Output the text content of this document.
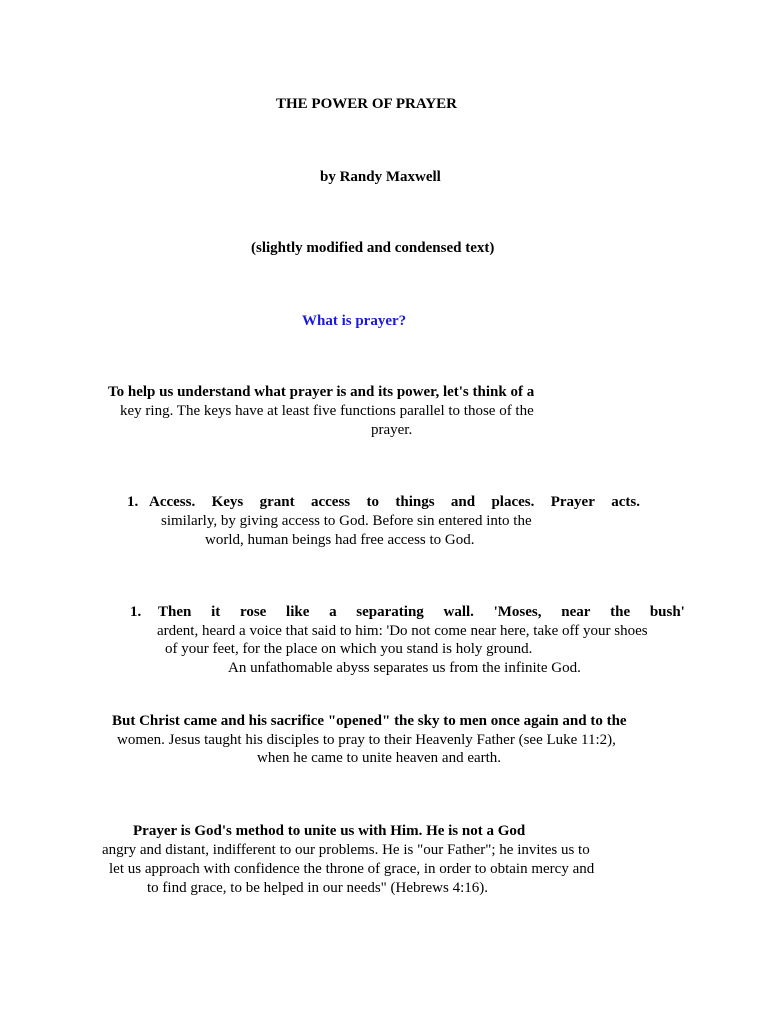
THE POWER OF PRAYER
by Randy Maxwell
(slightly modified and condensed text)
What is prayer?
To help us understand what prayer is and its power, let's think of a
key ring. The keys have at least five functions parallel to those of the
prayer.
1. Access. Keys grant access to things and places. Prayer acts.
similarly, by giving access to God. Before sin entered into the
world, human beings had free access to God.
1. Then it rose like a separating wall. 'Moses, near the bush'
ardent, heard a voice that said to him: 'Do not come near here, take off your shoes
of your feet, for the place on which you stand is holy ground.
An unfathomable abyss separates us from the infinite God.
But Christ came and his sacrifice "opened" the sky to men once again and to the
women. Jesus taught his disciples to pray to their Heavenly Father (see Luke 11:2),
when he came to unite heaven and earth.
Prayer is God's method to unite us with Him. He is not a God
angry and distant, indifferent to our problems. He is "our Father"; he invites us to
let us approach with confidence the throne of grace, in order to obtain mercy and
to find grace, to be helped in our needs" (Hebrews 4:16).
